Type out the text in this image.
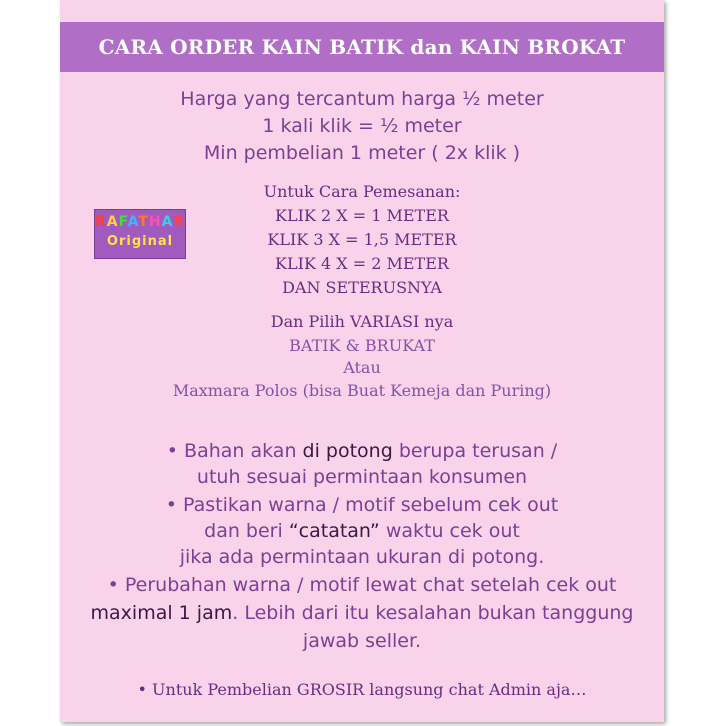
CARA ORDER KAIN BATIK dan KAIN BROKAT
RAFATHAR
Original
Harga yang tercantum harga ½ meter
1 kali klik = ½ meter
Min pembelian 1 meter ( 2x klik )
Untuk Cara Pemesanan:
KLIK 2 X = 1 METER
KLIK 3 X = 1,5 METER
KLIK 4 X = 2 METER
DAN SETERUSNYA
Dan Pilih VARIASI nya
BATIK & BRUKAT
Atau
Maxmara Polos (bisa Buat Kemeja dan Puring)
• Bahan akan di potong berupa terusan /
utuh sesuai permintaan konsumen
• Pastikan warna / motif sebelum cek out
dan beri “catatan” waktu cek out
jika ada permintaan ukuran di potong.
• Perubahan warna / motif lewat chat setelah cek out
maximal 1 jam. Lebih dari itu kesalahan bukan tanggung
jawab seller.
• Untuk Pembelian GROSIR langsung chat Admin aja…
